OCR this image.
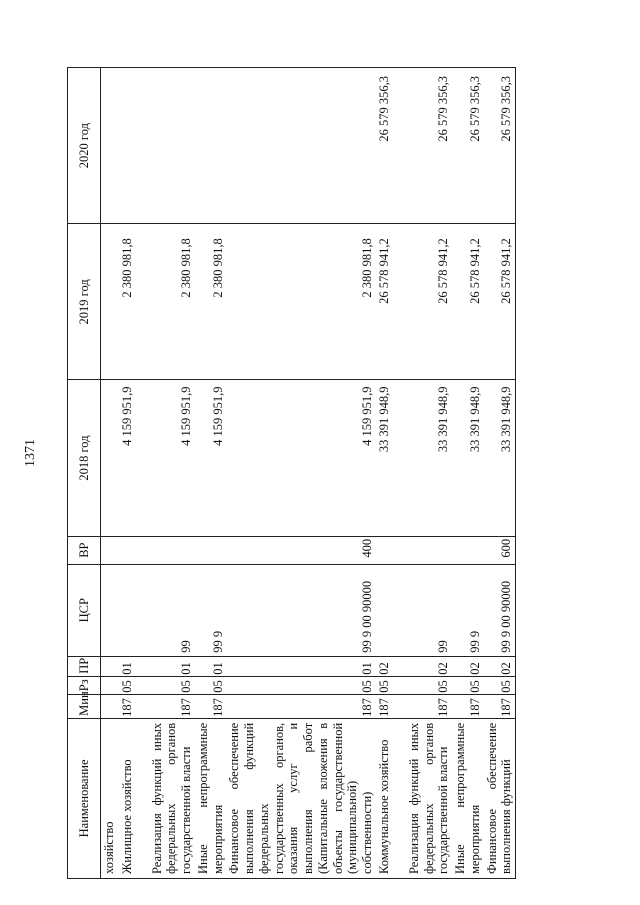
1371
Наименование	Мин	Рз	ПР	ЦСР	ВР	2018 год	2019 год	2020 год
хозяйство								
Жилищное хозяйство	187	05	01			4 159 951,9	2 380 981,8	
Реализация функций иных федеральных органов государственной власти	187	05	01	99		4 159 951,9	2 380 981,8	
Иные непрограммные мероприятия	187	05	01	99 9		4 159 951,9	2 380 981,8	
Финансовое обеспечение выполнения функций федеральных государственных органов, оказания услуг и выполнения работ (Капитальные вложения в объекты государственной (муниципальной) собственности)	187	05	01	99 9 00 90000	400	4 159 951,9	2 380 981,8	
Коммунальное хозяйство	187	05	02			33 391 948,9	26 578 941,2	26 579 356,3
Реализация функций иных федеральных органов государственной власти	187	05	02	99		33 391 948,9	26 578 941,2	26 579 356,3
Иные непрограммные мероприятия	187	05	02	99 9		33 391 948,9	26 578 941,2	26 579 356,3
Финансовое обеспечение выполнения функций	187	05	02	99 9 00 90000	600	33 391 948,9	26 578 941,2	26 579 356,3
